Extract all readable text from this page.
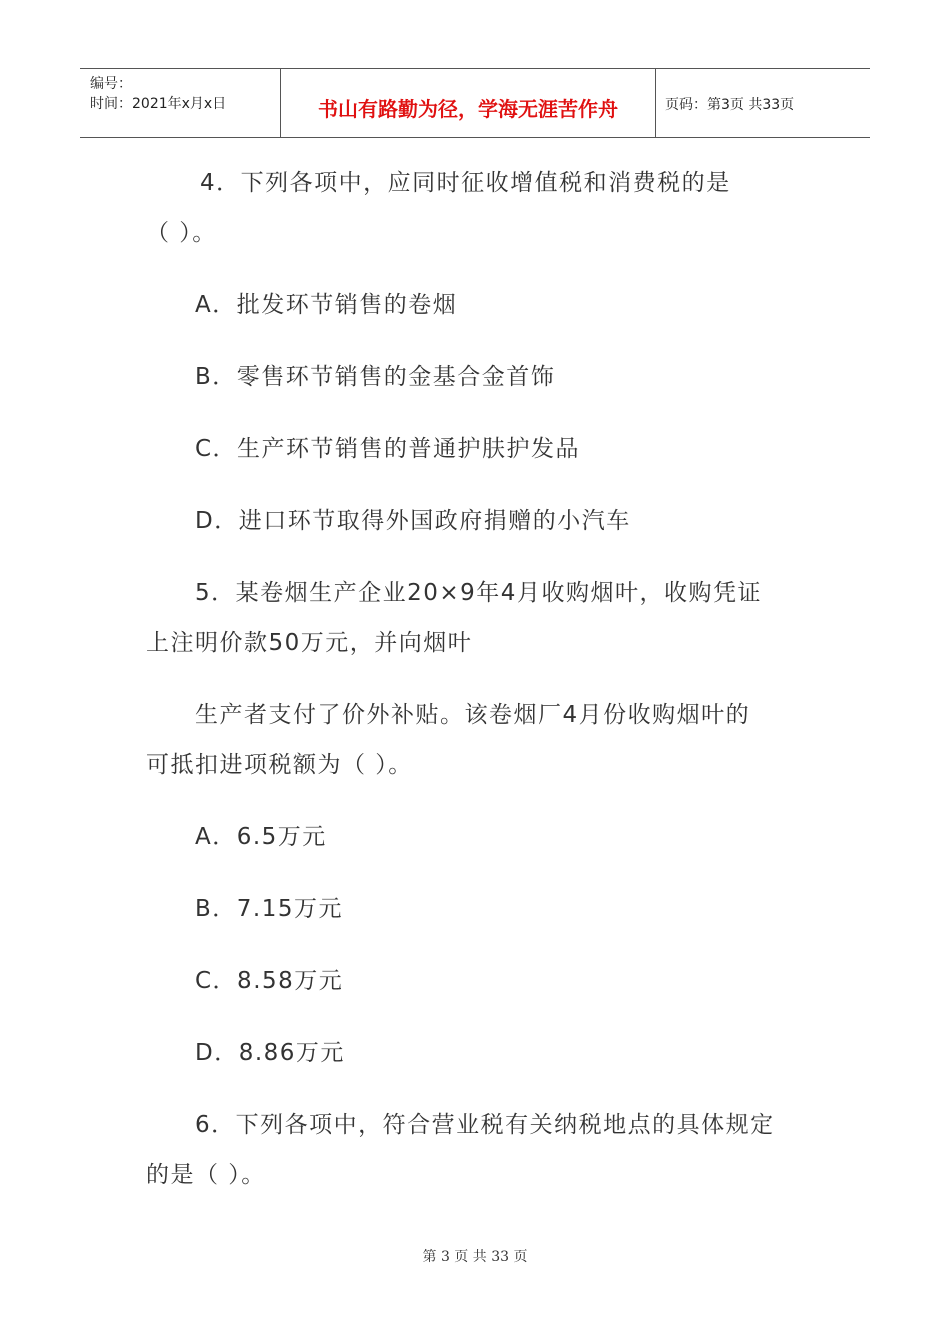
编号：
时间：2021年x月x日	书山有路勤为径，学海无涯苦作舟	页码：第3页 共33页
4．下列各项中，应同时征收增值税和消费税的是
（ ）。
A．批发环节销售的卷烟
B．零售环节销售的金基合金首饰
C．生产环节销售的普通护肤护发品
D．进口环节取得外国政府捐赠的小汽车
5．某卷烟生产企业20×9年4月收购烟叶，收购凭证
上注明价款50万元，并向烟叶
生产者支付了价外补贴。该卷烟厂4月份收购烟叶的
可抵扣进项税额为（ ）。
A．6.5万元
B．7.15万元
C．8.58万元
D．8.86万元
6．下列各项中，符合营业税有关纳税地点的具体规定
的是（ ）。
第 3 页 共 33 页
